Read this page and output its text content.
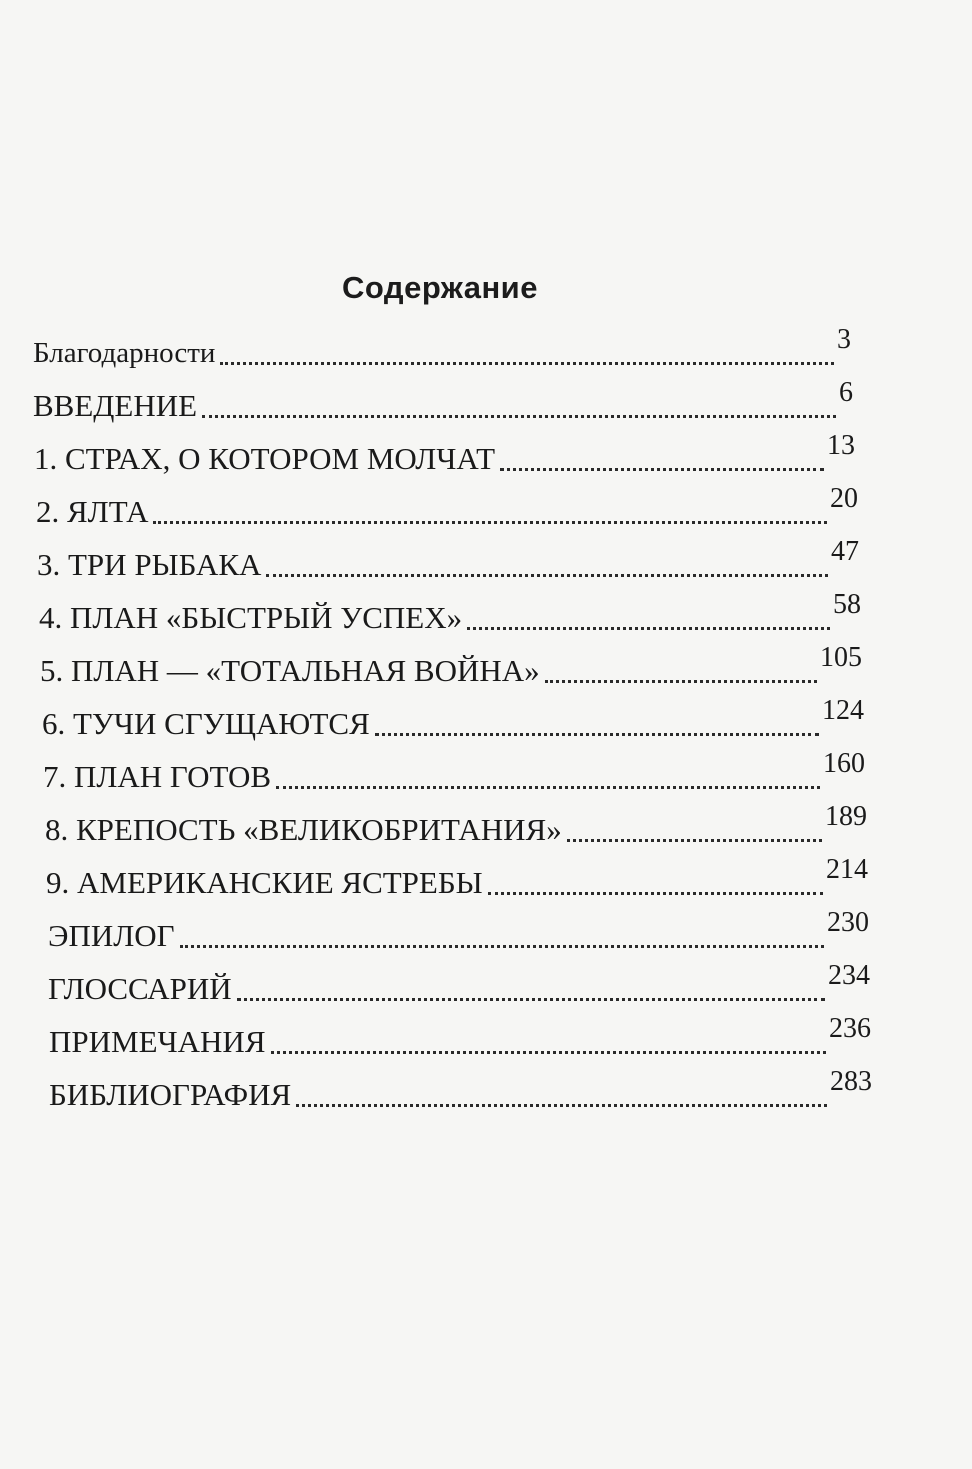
Содержание
Благодарности	3
ВВЕДЕНИЕ	6
1. СТРАХ, О КОТОРОМ МОЛЧАТ	13
2. ЯЛТА	20
3. ТРИ РЫБАКА	47
4. ПЛАН «БЫСТРЫЙ УСПЕХ»	58
5. ПЛАН — «ТОТАЛЬНАЯ ВОЙНА»	105
6. ТУЧИ СГУЩАЮТСЯ	124
7. ПЛАН ГОТОВ	160
8. КРЕПОСТЬ «ВЕЛИКОБРИТАНИЯ»	189
9. АМЕРИКАНСКИЕ ЯСТРЕБЫ	214
ЭПИЛОГ	230
ГЛОССАРИЙ	234
ПРИМЕЧАНИЯ	236
БИБЛИОГРАФИЯ	283
